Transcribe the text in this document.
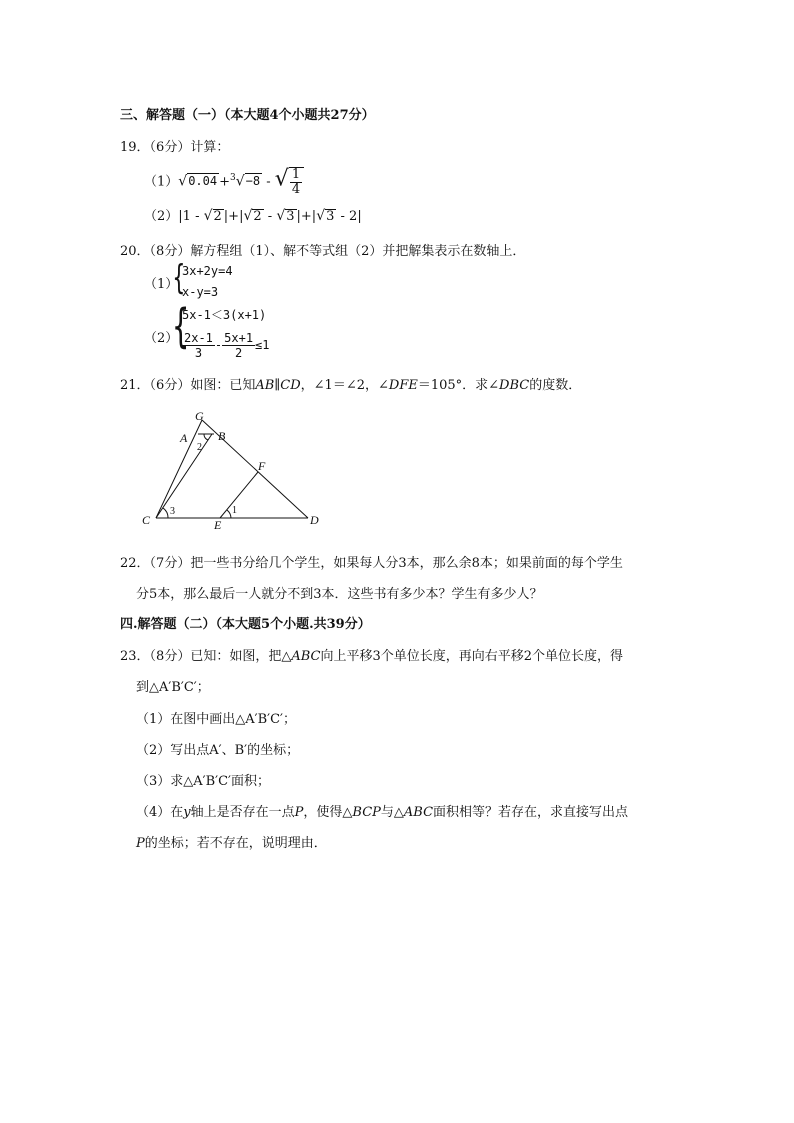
三、解答题（一）（本大题4个小题共27分）
19．（6分）计算：
（1）√0.04 +$^3$√−8 - √ $\frac{1}{4}$
（2）|1 - √2 |+|√2 - √3 |+|√3 - 2|
20．（8分）解方程组（1）、解不等式组（2）并把解集表示在数轴上．
（1）
{
3x+2y=4
x-y=3
（2）
{
5x-1＜3(x+1)
$\frac{2x-1}{3} - \frac{5x+1}{2} \le 1$
21．（6分）如图：已知AB∥CD，∠1＝∠2，∠DFE＝105°．求∠DBC的度数．
G
A	B
F
C	E	D
1
2
3
22．（7分）把一些书分给几个学生，如果每人分3本，那么余8本；如果前面的每个学生
分5本，那么最后一人就分不到3本．这些书有多少本？学生有多少人？
四.解答题（二）（本大题5个小题.共39分）
23．（8分）已知：如图，把△ABC向上平移3个单位长度，再向右平移2个单位长度，得
到△A′B′C′；
（1）在图中画出△A′B′C′；
（2）写出点A′、B′的坐标；
（3）求△A′B′C′面积；
（4）在y轴上是否存在一点P，使得△BCP与△ABC面积相等？若存在，求直接写出点
P的坐标；若不存在，说明理由．
